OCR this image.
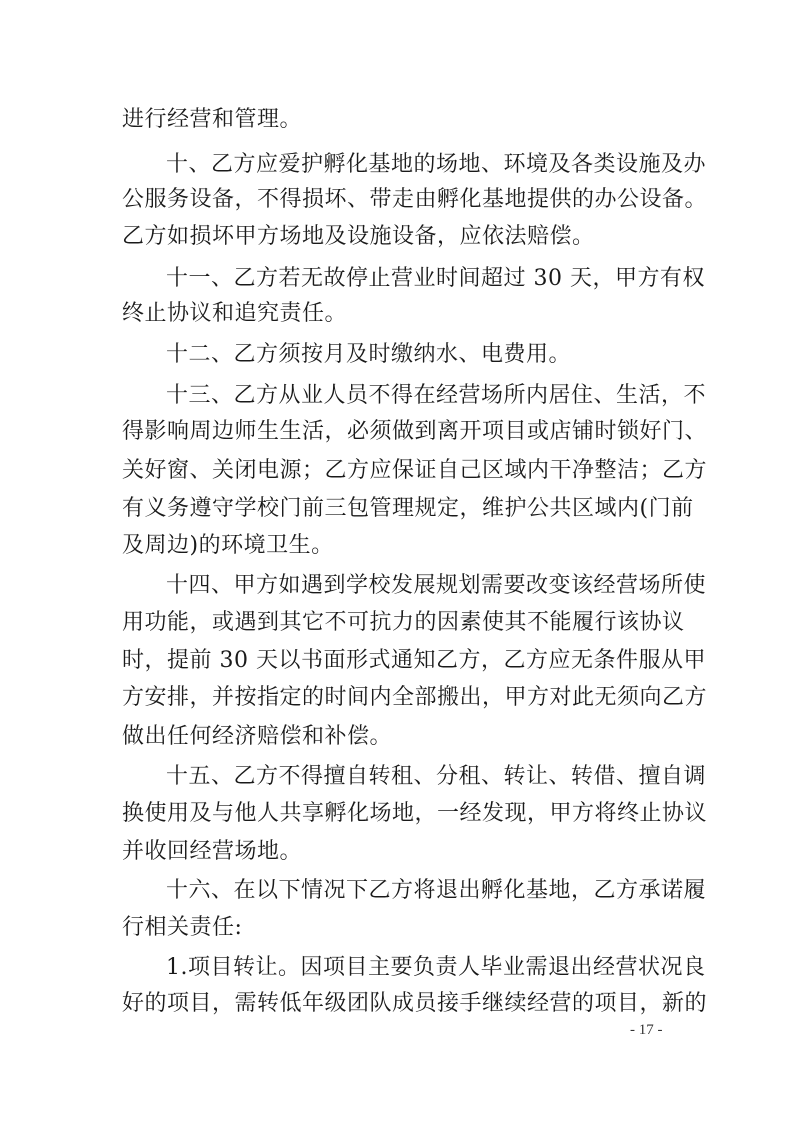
进行经营和管理。

十、乙方应爱护孵化基地的场地、环境及各类设施及办

公服务设备，不得损坏、带走由孵化基地提供的办公设备。

乙方如损坏甲方场地及设施设备，应依法赔偿。

十一、乙方若无故停止营业时间超过 30 天，甲方有权

终止协议和追究责任。

十二、乙方须按月及时缴纳水、电费用。

十三、乙方从业人员不得在经营场所内居住、生活，不

得影响周边师生生活，必须做到离开项目或店铺时锁好门、

关好窗、关闭电源；乙方应保证自己区域内干净整洁；乙方

有义务遵守学校门前三包管理规定，维护公共区域内(门前

及周边)的环境卫生。

十四、甲方如遇到学校发展规划需要改变该经营场所使

用功能，或遇到其它不可抗力的因素使其不能履行该协议

时，提前 30 天以书面形式通知乙方，乙方应无条件服从甲

方安排，并按指定的时间内全部搬出，甲方对此无须向乙方

做出任何经济赔偿和补偿。

十五、乙方不得擅自转租、分租、转让、转借、擅自调

换使用及与他人共享孵化场地，一经发现，甲方将终止协议

并收回经营场地。

十六、在以下情况下乙方将退出孵化基地，乙方承诺履

行相关责任:

1.项目转让。因项目主要负责人毕业需退出经营状况良

好的项目，需转低年级团队成员接手继续经营的项目，新的

- 17 -
